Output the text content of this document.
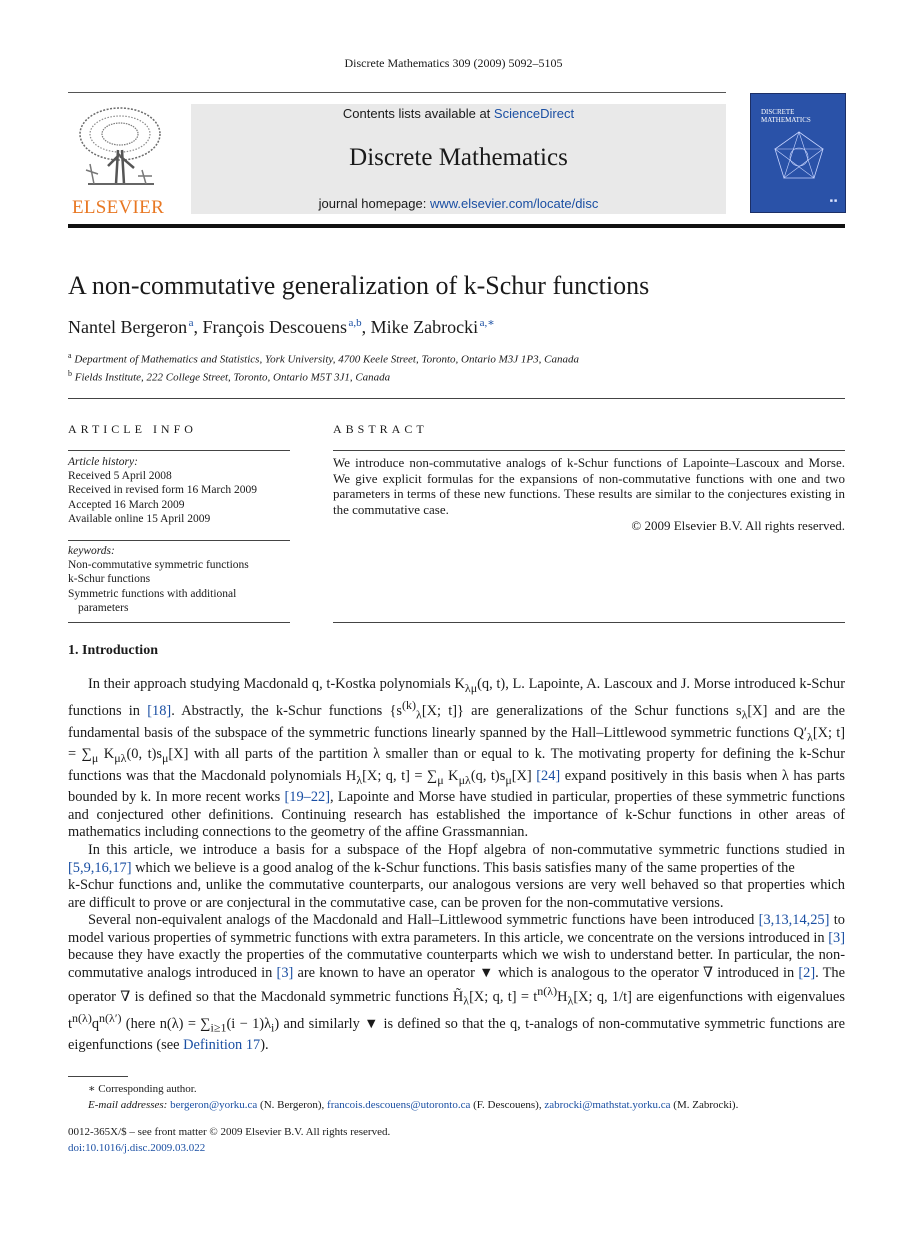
Discrete Mathematics 309 (2009) 5092–5105
ELSEVIER
Contents lists available at ScienceDirect
Discrete Mathematics
journal homepage: www.elsevier.com/locate/disc
DISCRETE
MATHEMATICS
■ ■
A non-commutative generalization of k-Schur functions
Nantel Bergeron  $^a$, François Descouens  $^{a,b}$, Mike Zabrocki  $^{a,∗}$
$^a$ Department of Mathematics and Statistics, York University, 4700 Keele Street, Toronto, Ontario M3J 1P3, Canada
$^b$ Fields Institute, 222 College Street, Toronto, Ontario M5T 3J1, Canada
ARTICLE INFO	ABSTRACT
Article history:
Received 5 April 2008
Received in revised form 16 March 2009
Accepted 16 March 2009
Available online 15 April 2009
keywords:
Non-commutative symmetric functions
k-Schur functions
Symmetric functions with additional
parameters
We introduce non-commutative analogs of k-Schur functions of Lapointe–Lascoux and Morse. We give explicit formulas for the expansions of non-commutative functions with one and two parameters in terms of these new functions. These results are similar to the conjectures existing in the commutative case.
© 2009 Elsevier B.V. All rights reserved.
1. Introduction

In their approach studying Macdonald q, t-Kostka polynomials $K_{\lambda\mu}(q$, t), L. Lapointe, A. Lascoux and J. Morse introduced k-Schur functions in [18]. Abstractly, the k-Schur functions {$s^{(k)}_\lambda[X$; t]} are generalizations of the Schur functions $s_\lambda[X]$ and are the fundamental basis of the subspace of the symmetric functions linearly spanned by the Hall–Littlewood symmetric functions $Q'_\lambda[X$; $t] = \sum_\mu$ $K_{\mu\lambda}(0$, $t)s_\mu[X]$ with all parts of the partition λ smaller than or equal to k. The motivating property for defining the k-Schur functions was that the Macdonald polynomials $H_\lambda[X$; q, $t] = \sum_\mu$ $K_{\mu\lambda}(q$, $t)s_\mu[X]$ [24] expand positively in this basis when λ has parts bounded by k. In more recent works [19–22], Lapointe and Morse have studied in particular, properties of these symmetric functions and conjectured other definitions. Continuing research has established the importance of k-Schur functions in other areas of mathematics including connections to the geometry of the affine Grassmannian.

In this article, we introduce a basis for a subspace of the Hopf algebra of non-commutative symmetric functions studied in [5,9,16,17] which we believe is a good analog of the k-Schur functions. This basis satisfies many of the same properties of the

k-Schur functions and, unlike the commutative counterparts, our analogous versions are very well behaved so that properties which are difficult to prove or are conjectural in the commutative case, can be proven for the non-commutative versions.

Several non-equivalent analogs of the Macdonald and Hall–Littlewood symmetric functions have been introduced [3,13,14,25] to model various properties of symmetric functions with extra parameters. In this article, we concentrate on the versions introduced in [3] because they have exactly the properties of the commutative counterparts which we wish to understand better. In particular, the non-commutative analogs introduced in [3] are known to have an operator ▼ which is analogous to the operator ∇ introduced in [2]. The operator ∇ is defined so that the Macdonald symmetric functions $H̃_\lambda[X$; q, $t] = t^{n(\lambda)}H_\lambda[X$; q, 1/t] are eigenfunctions with eigenvalues $t^{n(\lambda)}q^{n(\lambda')}$ (here $n(\lambda) = \sum_{i\ge 1}(i - 1)\lambda_i$) and similarly ▼ is defined so that the q, t-analogs of non-commutative symmetric functions are eigenfunctions (see Definition 17).

∗ Corresponding author.
E-mail addresses: bergeron@yorku.ca (N. Bergeron), francois.descouens@utoronto.ca (F. Descouens), zabrocki@mathstat.yorku.ca (M. Zabrocki).
0012-365X/$ – see front matter © 2009 Elsevier B.V. All rights reserved.
doi:10.1016/j.disc.2009.03.022
